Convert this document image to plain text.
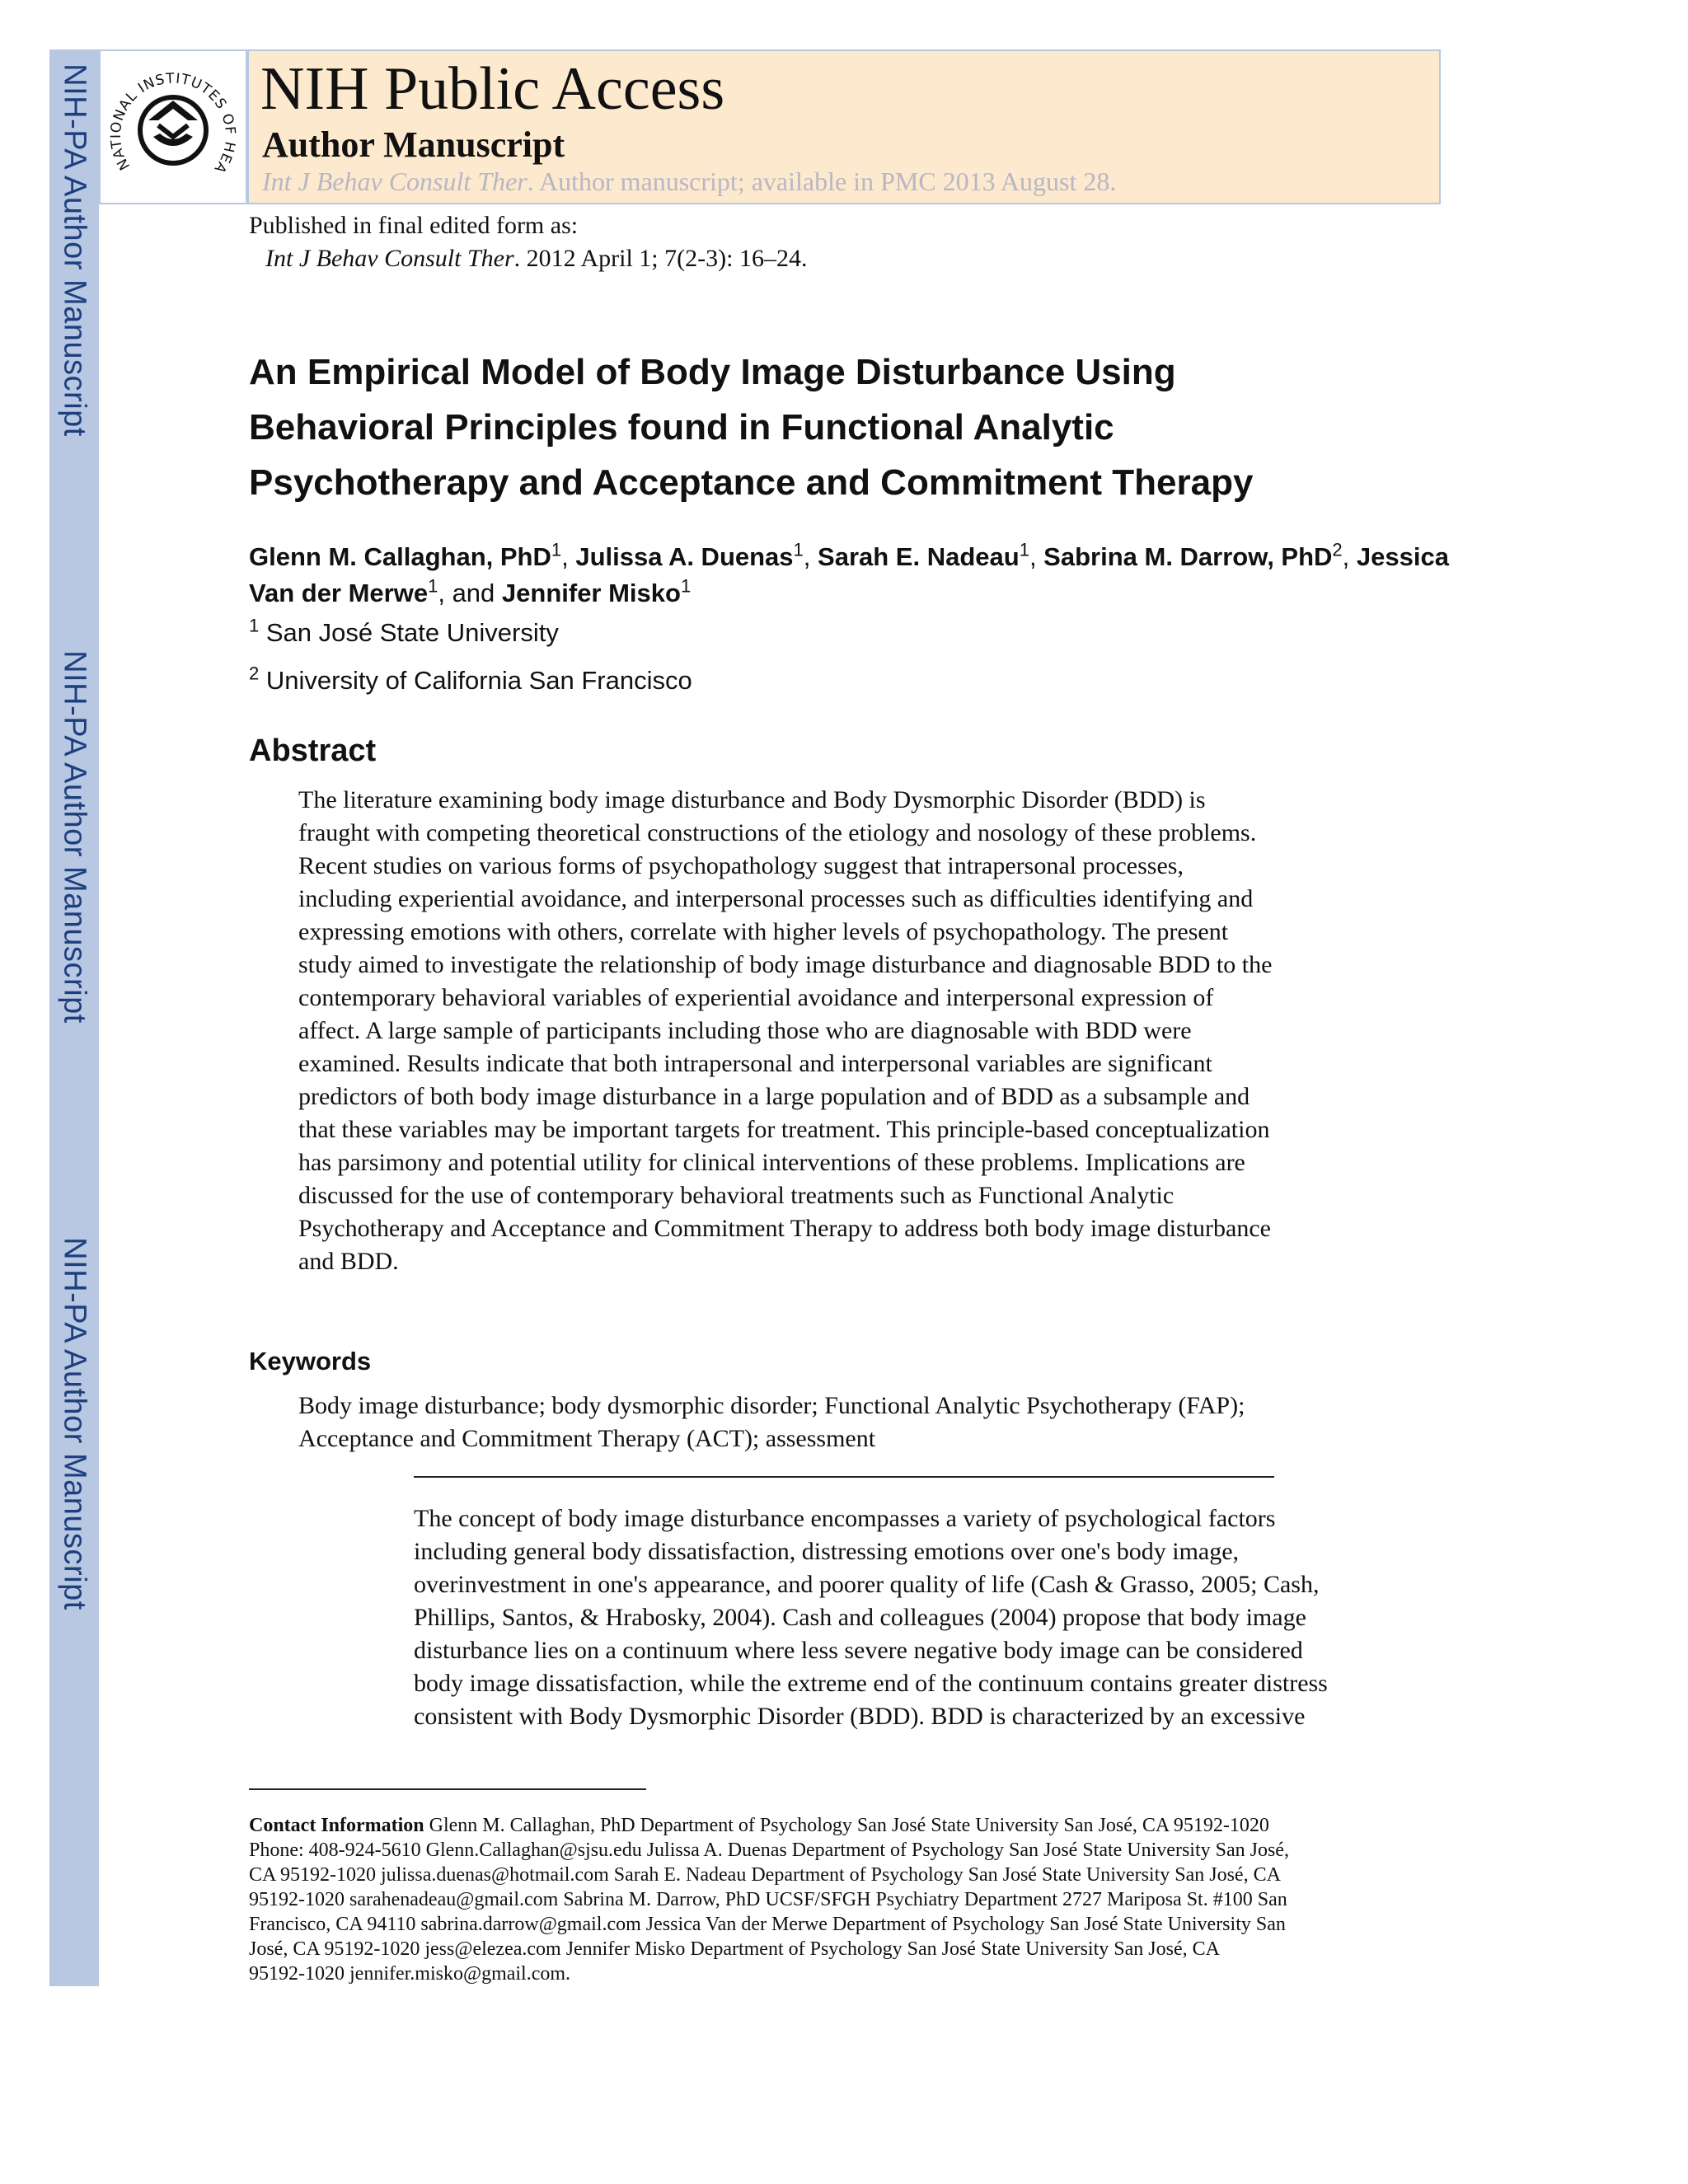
NIH-PA Author Manuscript
NIH-PA Author Manuscript
NIH-PA Author Manuscript
NATIONAL INSTITUTES OF HEA
NIH Public Access
Author Manuscript
Int J Behav Consult Ther. Author manuscript; available in PMC 2013 August 28.
Published in final edited form as:
Int J Behav Consult Ther. 2012 April 1; 7(2-3): 16–24.
An Empirical Model of Body Image Disturbance Using
Behavioral Principles found in Functional Analytic
Psychotherapy and Acceptance and Commitment Therapy
Glenn M. Callaghan, PhD$^1$, Julissa A. Duenas$^1$, Sarah E. Nadeau$^1$, Sabrina M. Darrow, PhD$^2$, Jessica Van der Merwe$^1$, and Jennifer Misko$^1$
$^1$ San José State University
$^2$ University of California San Francisco
Abstract
The literature examining body image disturbance and Body Dysmorphic Disorder (BDD) is
fraught with competing theoretical constructions of the etiology and nosology of these problems.
Recent studies on various forms of psychopathology suggest that intrapersonal processes,
including experiential avoidance, and interpersonal processes such as difficulties identifying and
expressing emotions with others, correlate with higher levels of psychopathology. The present
study aimed to investigate the relationship of body image disturbance and diagnosable BDD to the
contemporary behavioral variables of experiential avoidance and interpersonal expression of
affect. A large sample of participants including those who are diagnosable with BDD were
examined. Results indicate that both intrapersonal and interpersonal variables are significant
predictors of both body image disturbance in a large population and of BDD as a subsample and
that these variables may be important targets for treatment. This principle-based conceptualization
has parsimony and potential utility for clinical interventions of these problems. Implications are
discussed for the use of contemporary behavioral treatments such as Functional Analytic
Psychotherapy and Acceptance and Commitment Therapy to address both body image disturbance
and BDD.
Keywords
Body image disturbance; body dysmorphic disorder; Functional Analytic Psychotherapy (FAP);
Acceptance and Commitment Therapy (ACT); assessment
The concept of body image disturbance encompasses a variety of psychological factors
including general body dissatisfaction, distressing emotions over one's body image,
overinvestment in one's appearance, and poorer quality of life (Cash & Grasso, 2005; Cash,
Phillips, Santos, & Hrabosky, 2004). Cash and colleagues (2004) propose that body image
disturbance lies on a continuum where less severe negative body image can be considered
body image dissatisfaction, while the extreme end of the continuum contains greater distress
consistent with Body Dysmorphic Disorder (BDD). BDD is characterized by an excessive
Contact Information Glenn M. Callaghan, PhD Department of Psychology San José State University San José, CA 95192-1020
Phone: 408-924-5610 Glenn.Callaghan@sjsu.edu Julissa A. Duenas Department of Psychology San José State University San José,
CA 95192-1020 julissa.duenas@hotmail.com Sarah E. Nadeau Department of Psychology San José State University San José, CA
95192-1020 sarahenadeau@gmail.com Sabrina M. Darrow, PhD UCSF/SFGH Psychiatry Department 2727 Mariposa St. #100 San
Francisco, CA 94110 sabrina.darrow@gmail.com Jessica Van der Merwe Department of Psychology San José State University San
José, CA 95192-1020 jess@elezea.com Jennifer Misko Department of Psychology San José State University San José, CA
95192-1020 jennifer.misko@gmail.com.
